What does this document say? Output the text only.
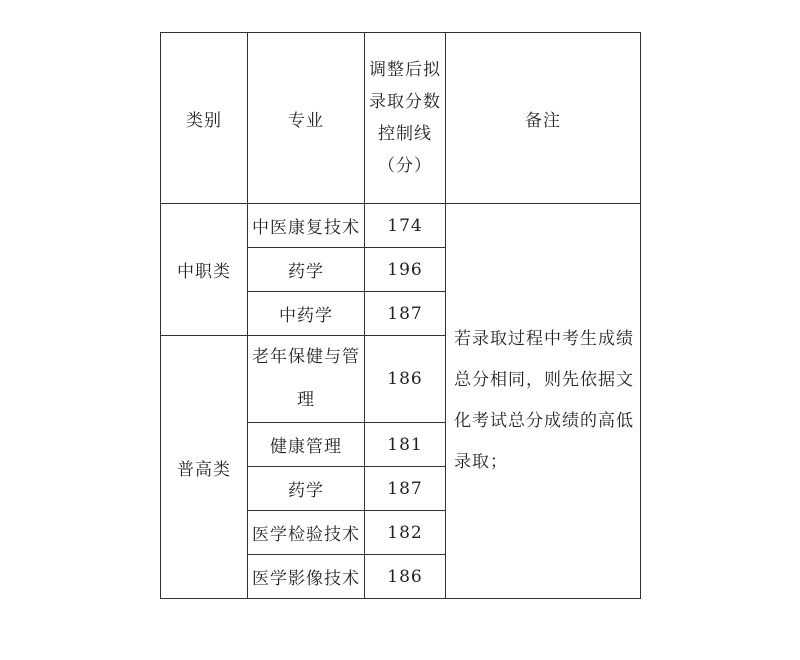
类别	专业	调整后拟录取分数控制线（分）	备注
中职类	中医康复技术	174	若录取过程中考生成绩总分相同，则先依据文化考试总分成绩的高低录取；
	药学	196	
	中药学	187	
普高类	老年保健与管理	186	
	健康管理	181	
	药学	187	
	医学检验技术	182	
	医学影像技术	186	
